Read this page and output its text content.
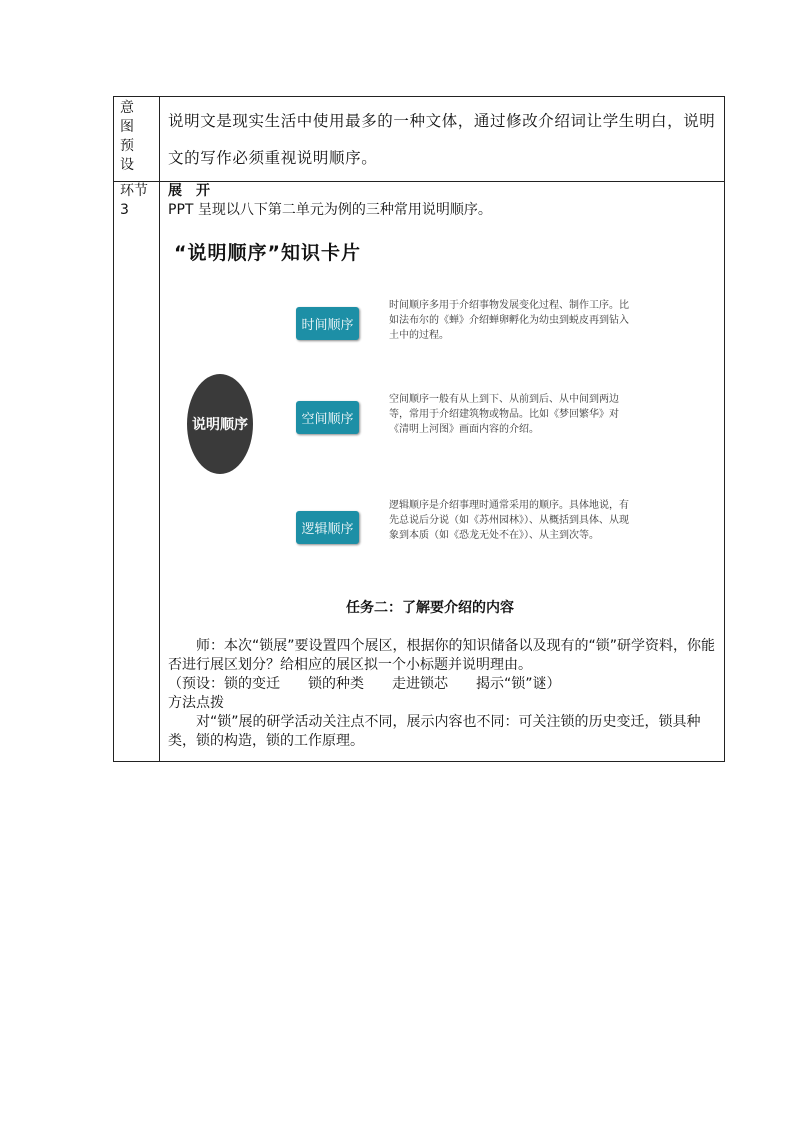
意
图
预
设
说明文是现实生活中使用最多的一种文体，通过修改介绍词让学生明白，说明文的写作必须重视说明顺序。
环节
3
展　开
PPT 呈现以八下第二单元为例的三种常用说明顺序。
“说明顺序”知识卡片
说明顺序
时间顺序
时间顺序多用于介绍事物发展变化过程、制作工序。比如法布尔的《蝉》介绍蝉卵孵化为幼虫到蜕皮再到钻入土中的过程。
空间顺序
空间顺序一般有从上到下、从前到后、从中间到两边等，常用于介绍建筑物或物品。比如《梦回繁华》对《清明上河图》画面内容的介绍。
逻辑顺序
逻辑顺序是介绍事理时通常采用的顺序。具体地说，有先总说后分说（如《苏州园林》）、从概括到具体、从现象到本质（如《恐龙无处不在》）、从主到次等。
任务二：了解要介绍的内容
　　师：本次“锁展”要设置四个展区，根据你的知识储备以及现有的“锁”研学资料，你能否进行展区划分？给相应的展区拟一个小标题并说明理由。
（预设：锁的变迁　　锁的种类　　走进锁芯　　揭示“锁”谜）
方法点拨
　　对“锁”展的研学活动关注点不同，展示内容也不同：可关注锁的历史变迁，锁具种类，锁的构造，锁的工作原理。
